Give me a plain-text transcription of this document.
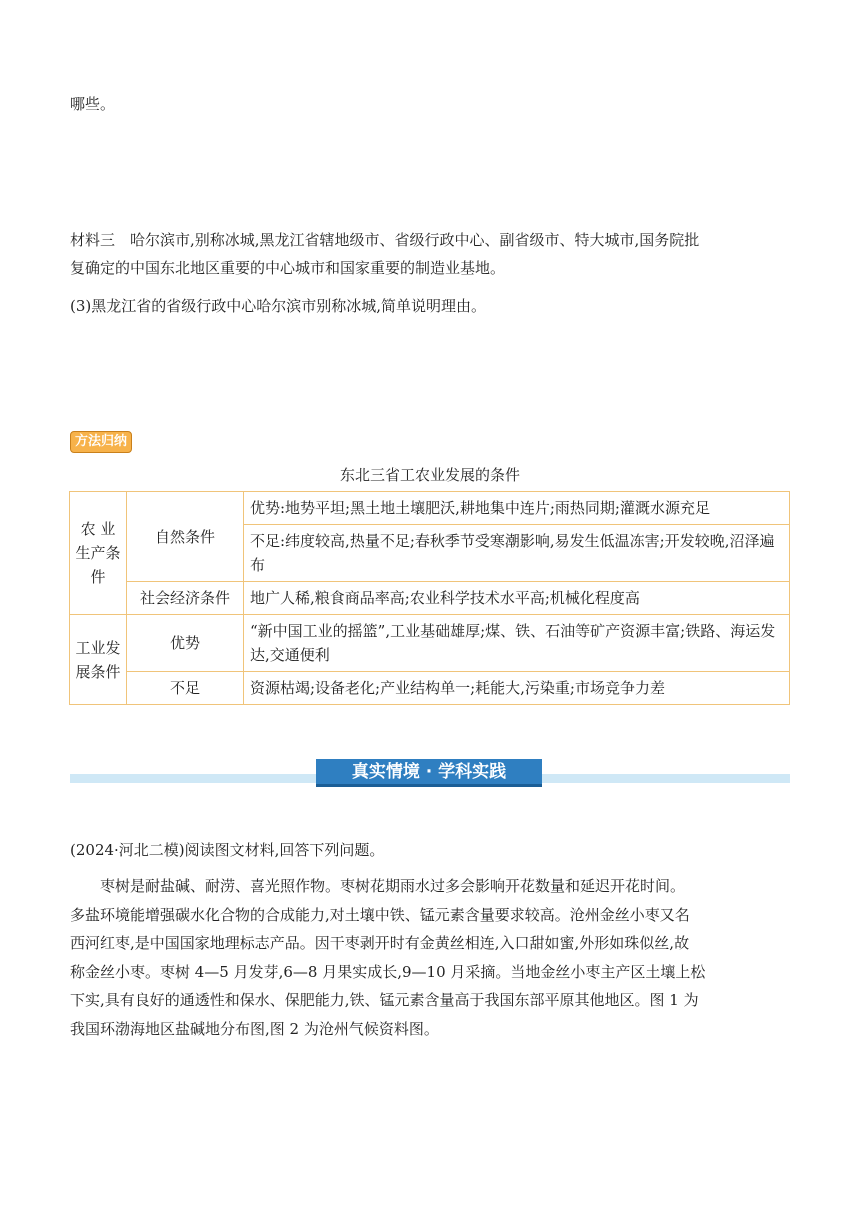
哪些。
材料三　哈尔滨市,别称冰城,黑龙江省辖地级市、省级行政中心、副省级市、特大城市,国务院批
复确定的中国东北地区重要的中心城市和国家重要的制造业基地。
(3)黑龙江省的省级行政中心哈尔滨市别称冰城,简单说明理由。
方法归纳
东北三省工农业发展的条件
农 业 生产条件	自然条件	优势:地势平坦;黑土地土壤肥沃,耕地集中连片;雨热同期;灌溉水源充足
		不足:纬度较高,热量不足;春秋季节受寒潮影响,易发生低温冻害;开发较晚,沼泽遍布
	社会经济条件	地广人稀,粮食商品率高;农业科学技术水平高;机械化程度高
工业发展条件	优势	“新中国工业的摇篮”,工业基础雄厚;煤、铁、石油等矿产资源丰富;铁路、海运发达,交通便利
	不足	资源枯竭;设备老化;产业结构单一;耗能大,污染重;市场竞争力差
真实情境 · 学科实践
(2024·河北二模)阅读图文材料,回答下列问题。
枣树是耐盐碱、耐涝、喜光照作物。枣树花期雨水过多会影响开花数量和延迟开花时间。
多盐环境能增强碳水化合物的合成能力,对土壤中铁、锰元素含量要求较高。沧州金丝小枣又名
西河红枣,是中国国家地理标志产品。因干枣剥开时有金黄丝相连,入口甜如蜜,外形如珠似丝,故
称金丝小枣。枣树 4—5 月发芽,6—8 月果实成长,9—10 月采摘。当地金丝小枣主产区土壤上松
下实,具有良好的通透性和保水、保肥能力,铁、锰元素含量高于我国东部平原其他地区。图 1 为
我国环渤海地区盐碱地分布图,图 2 为沧州气候资料图。
